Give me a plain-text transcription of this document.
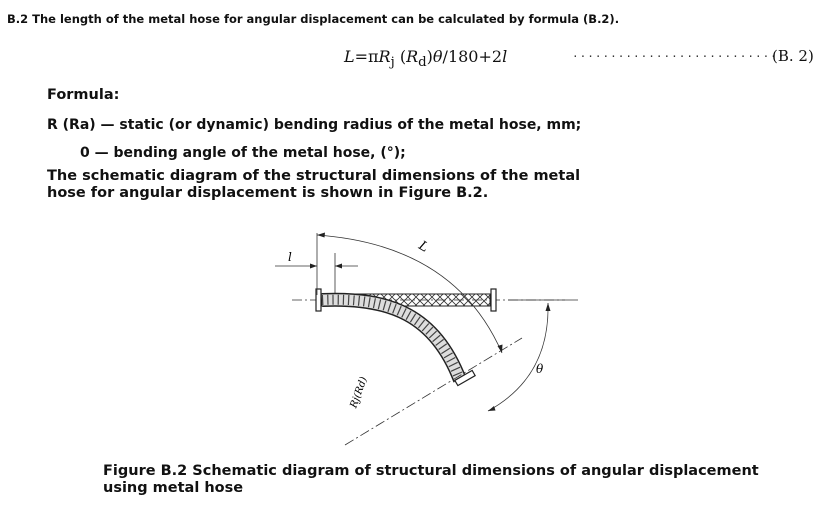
B.2 The length of the metal hose for angular displacement can be calculated by formula (B.2).
$L=\pi R_j$ $(R_d)\theta/180+2l$	····························
(B. 2)
Formula:
R (Ra) — static (or dynamic) bending radius of the metal hose, mm;
0 — bending angle of the metal hose, (°);
The schematic diagram of the structural dimensions of the metal hose for angular displacement is shown in Figure B.2.
l
L
θ
Rj(Rd)
Figure B.2 Schematic diagram of structural dimensions of angular displacement using metal hose
